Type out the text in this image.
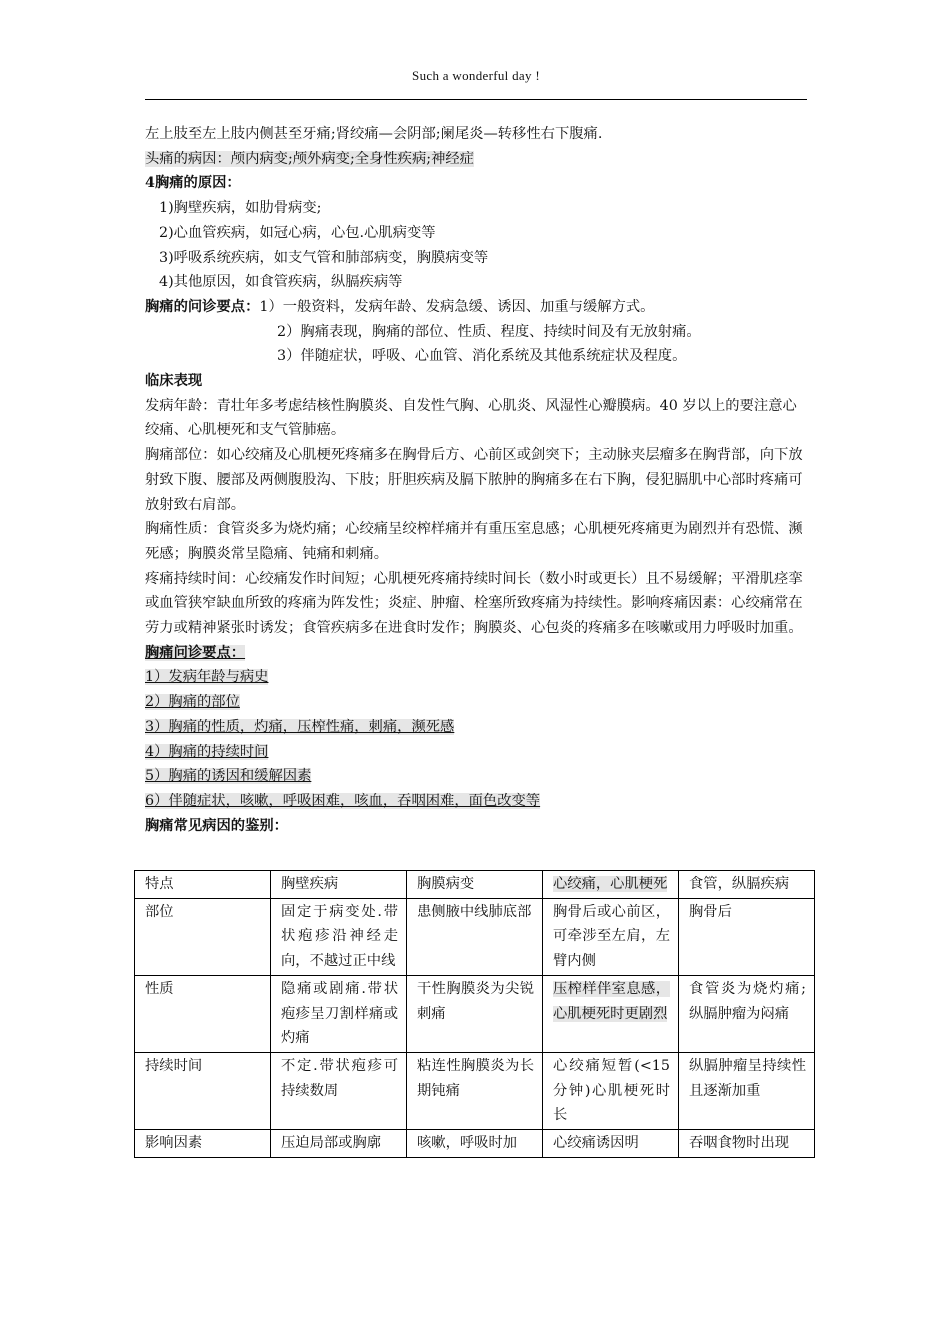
Such a wonderful day !

左上肢至左上肢内侧甚至牙痛;肾绞痛—会阴部;阑尾炎—转移性右下腹痛.

头痛的病因：颅内病变;颅外病变;全身性疾病;神经症

4胸痛的原因：

1)胸壁疾病，如肋骨病变;

2)心血管疾病，如冠心病，心包.心肌病变等

3)呼吸系统疾病，如支气管和肺部病变，胸膜病变等

4)其他原因，如食管疾病，纵膈疾病等

胸痛的问诊要点：1）一般资料，发病年龄、发病急缓、诱因、加重与缓解方式。

2）胸痛表现，胸痛的部位、性质、程度、持续时间及有无放射痛。

3）伴随症状，呼吸、心血管、消化系统及其他系统症状及程度。

临床表现

发病年龄：青壮年多考虑结核性胸膜炎、自发性气胸、心肌炎、风湿性心瓣膜病。40 岁以上的要注意心绞痛、心肌梗死和支气管肺癌。

胸痛部位：如心绞痛及心肌梗死疼痛多在胸骨后方、心前区或剑突下；主动脉夹层瘤多在胸背部，向下放射致下腹、腰部及两侧腹股沟、下肢；肝胆疾病及膈下脓肿的胸痛多在右下胸，侵犯膈肌中心部时疼痛可放射致右肩部。

胸痛性质：食管炎多为烧灼痛；心绞痛呈绞榨样痛并有重压室息感；心肌梗死疼痛更为剧烈并有恐慌、濒死感；胸膜炎常呈隐痛、钝痛和刺痛。

疼痛持续时间：心绞痛发作时间短；心肌梗死疼痛持续时间长（数小时或更长）且不易缓解；平滑肌痉挛或血管狭窄缺血所致的疼痛为阵发性；炎症、肿瘤、栓塞所致疼痛为持续性。影响疼痛因素：心绞痛常在劳力或精神紧张时诱发；食管疾病多在进食时发作；胸膜炎、心包炎的疼痛多在咳嗽或用力呼吸时加重。

胸痛问诊要点：

1）发病年龄与病史

2）胸痛的部位

3）胸痛的性质，灼痛，压榨性痛，刺痛，濒死感

4）胸痛的持续时间

5）胸痛的诱因和缓解因素

6）伴随症状，咳嗽，呼吸困难，咳血，吞咽困难，面色改变等

胸痛常见病因的鉴别：

特点	胸壁疾病	胸膜病变	心绞痛，心肌梗死	食管，纵膈疾病
部位	固定于病变处.带状疱疹沿神经走向，不越过正中线	患侧腋中线肺底部	胸骨后或心前区，可牵涉至左肩，左臂内侧	胸骨后
性质	隐痛或剧痛.带状疱疹呈刀割样痛或灼痛	干性胸膜炎为尖锐刺痛	压榨样伴室息感，心肌梗死时更剧烈	食管炎为烧灼痛;纵膈肿瘤为闷痛
持续时间	不定.带状疱疹可持续数周	粘连性胸膜炎为长期钝痛	心绞痛短暂(<15 分钟)心肌梗死时长	纵膈肿瘤呈持续性且逐渐加重
影响因素	压迫局部或胸廓	咳嗽，呼吸时加	心绞痛诱因明	吞咽食物时出现
